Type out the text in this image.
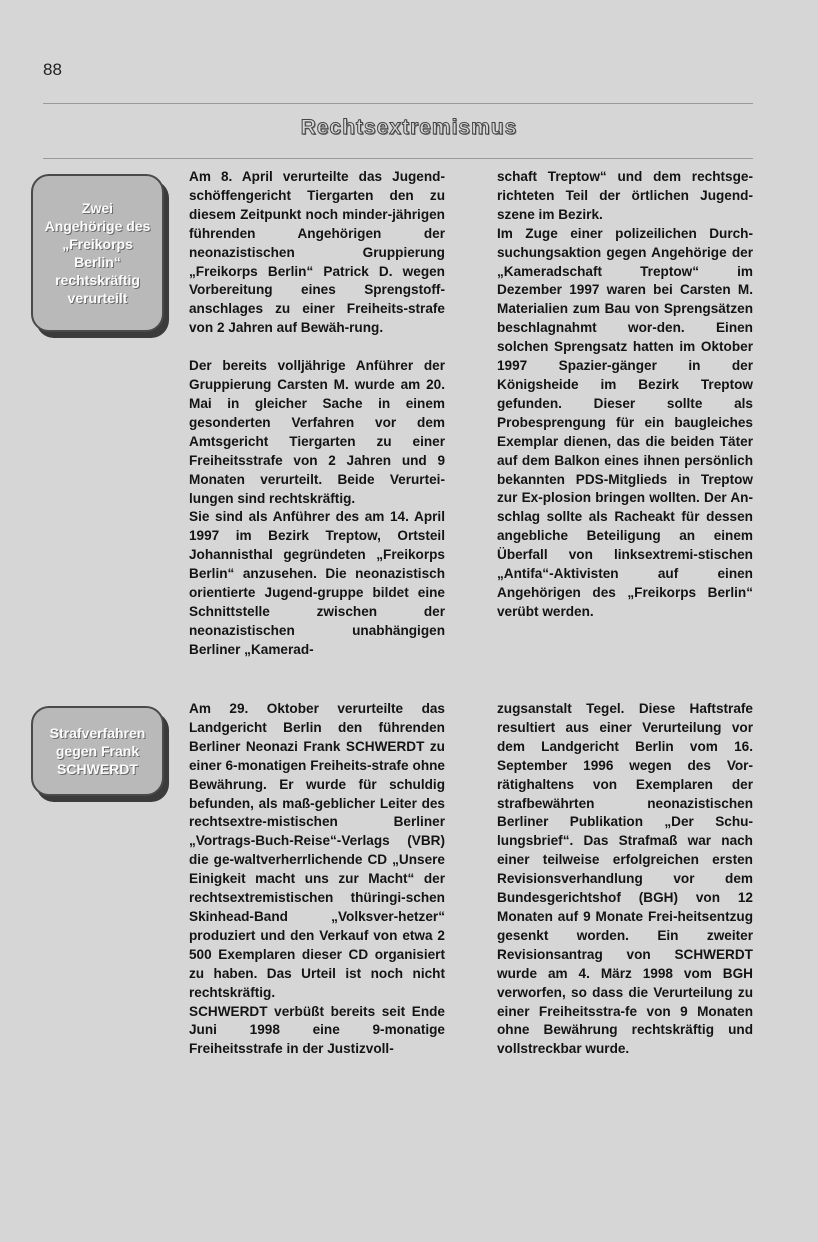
88
Rechtsextremismus
Zwei
Angehörige des
„Freikorps
Berlin“
rechtskräftig
verurteilt

Am 8. April verurteilte das Jugend-schöffengericht Tiergarten den zu diesem Zeitpunkt noch minder-jährigen führenden Angehörigen der neonazistischen Gruppierung „Freikorps Berlin“ Patrick D. wegen Vorbereitung eines Sprengstoff-anschlages zu einer Freiheits-strafe von 2 Jahren auf Bewäh-rung.

Der bereits volljährige Anführer der Gruppierung Carsten M. wurde am 20. Mai in gleicher Sache in einem gesonderten Verfahren vor dem Amtsgericht Tiergarten zu einer Freiheitsstrafe von 2 Jahren und 9 Monaten verurteilt. Beide Verurtei-lungen sind rechtskräftig.

Sie sind als Anführer des am 14. April 1997 im Bezirk Treptow, Ortsteil Johannisthal gegründeten „Freikorps Berlin“ anzusehen. Die neonazistisch orientierte Jugend-gruppe bildet eine Schnittstelle zwischen der neonazistischen unabhängigen Berliner „Kamerad-

schaft Treptow“ und dem rechtsge-richteten Teil der örtlichen Jugend-szene im Bezirk.

Im Zuge einer polizeilichen Durch-suchungsaktion gegen Angehörige der „Kameradschaft Treptow“ im Dezember 1997 waren bei Carsten M. Materialien zum Bau von Sprengsätzen beschlagnahmt wor-den. Einen solchen Sprengsatz hatten im Oktober 1997 Spazier-gänger in der Königsheide im Bezirk Treptow gefunden. Dieser sollte als Probesprengung für ein baugleiches Exemplar dienen, das die beiden Täter auf dem Balkon eines ihnen persönlich bekannten PDS-Mitglieds in Treptow zur Ex-plosion bringen wollten. Der An-schlag sollte als Racheakt für dessen angebliche Beteiligung an einem Überfall von linksextremi-stischen „Antifa“-Aktivisten auf einen Angehörigen des „Freikorps Berlin“ verübt werden.

Strafverfahren
gegen Frank
SCHWERDT

Am 29. Oktober verurteilte das Landgericht Berlin den führenden Berliner Neonazi Frank SCHWERDT zu einer 6-monatigen Freiheits-strafe ohne Bewährung. Er wurde für schuldig befunden, als maß-geblicher Leiter des rechtsextre-mistischen Berliner „Vortrags-Buch-Reise“-Verlags (VBR) die ge-waltverherrlichende CD „Unsere Einigkeit macht uns zur Macht“ der rechtsextremistischen thüringi-schen Skinhead-Band „Volksver-hetzer“ produziert und den Verkauf von etwa 2 500 Exemplaren dieser CD organisiert zu haben. Das Urteil ist noch nicht rechtskräftig.

SCHWERDT verbüßt bereits seit Ende Juni 1998 eine 9-monatige Freiheitsstrafe in der Justizvoll-

zugsanstalt Tegel. Diese Haftstrafe resultiert aus einer Verurteilung vor dem Landgericht Berlin vom 16. September 1996 wegen des Vor-rätighaltens von Exemplaren der strafbewährten neonazistischen Berliner Publikation „Der Schu-lungsbrief“. Das Strafmaß war nach einer teilweise erfolgreichen ersten Revisionsverhandlung vor dem Bundesgerichtshof (BGH) von 12 Monaten auf 9 Monate Frei-heitsentzug gesenkt worden. Ein zweiter Revisionsantrag von SCHWERDT wurde am 4. März 1998 vom BGH verworfen, so dass die Verurteilung zu einer Freiheitsstra-fe von 9 Monaten ohne Bewährung rechtskräftig und vollstreckbar wurde.
